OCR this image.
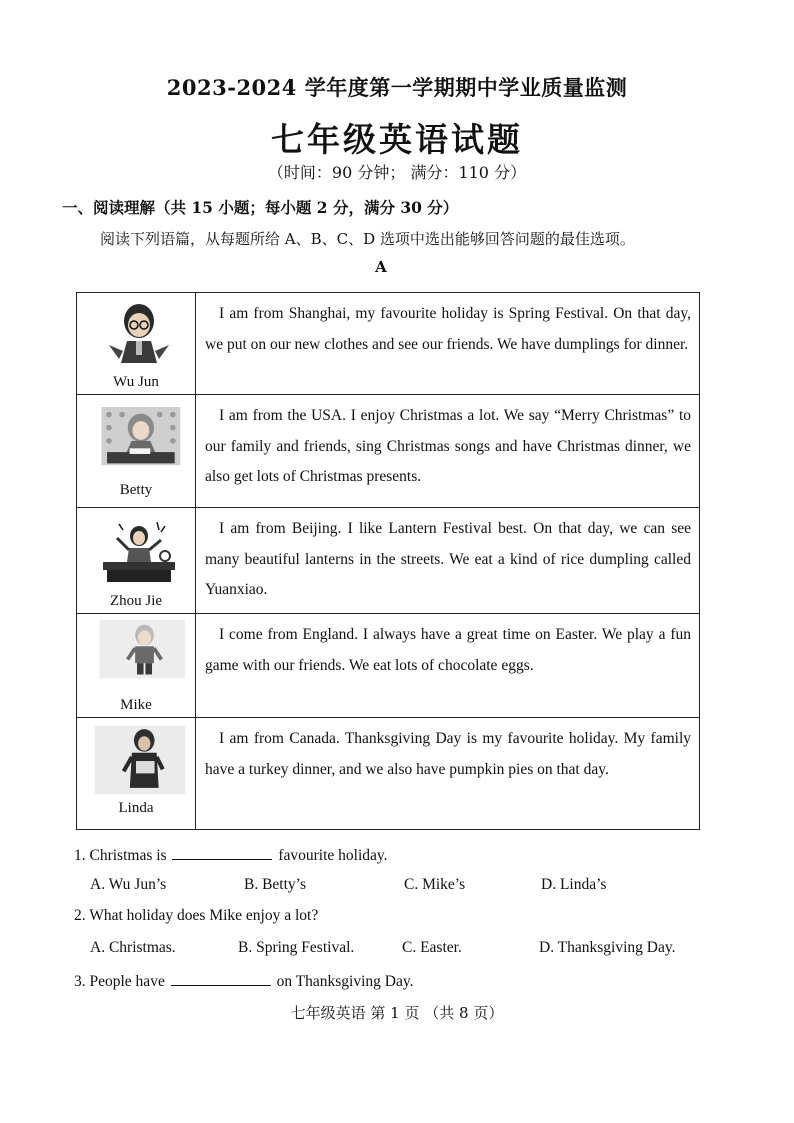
2023-2024 学年度第一学期期中学业质量监测
七年级英语试题
（时间：90 分钟； 满分：110 分）
一、阅读理解（共 15 小题；每小题 2 分，满分 30 分）
阅读下列语篇，从每题所给 A、B、C、D 选项中选出能够回答问题的最佳选项。
A
Wu Jun	I am from Shanghai, my favourite holiday is Spring Festival. On that day, we put on our new clothes and see our friends. We have dumplings for dinner.

Betty	I am from the USA. I enjoy Christmas a lot. We say “Merry Christmas” to our family and friends, sing Christmas songs and have Christmas dinner, we also get lots of Christmas presents.

Zhou Jie	I am from Beijing. I like Lantern Festival best. On that day, we can see many beautiful lanterns in the streets. We eat a kind of rice dumpling called Yuanxiao.

Mike	I come from England. I always have a great time on Easter. We play a fun game with our friends. We eat lots of chocolate eggs.

Linda	I am from Canada. Thanksgiving Day is my favourite holiday. My family have a turkey dinner, and we also have pumpkin pies on that day.
1. Christmas is	favourite holiday.
A. Wu Jun’s	B. Betty’s	C. Mike’s	D. Linda’s
2. What holiday does Mike enjoy a lot?
A. Christmas.	B. Spring Festival.	C. Easter.	D. Thanksgiving Day.
3. People have	on Thanksgiving Day.
七年级英语 第 1 页 （共 8 页）
